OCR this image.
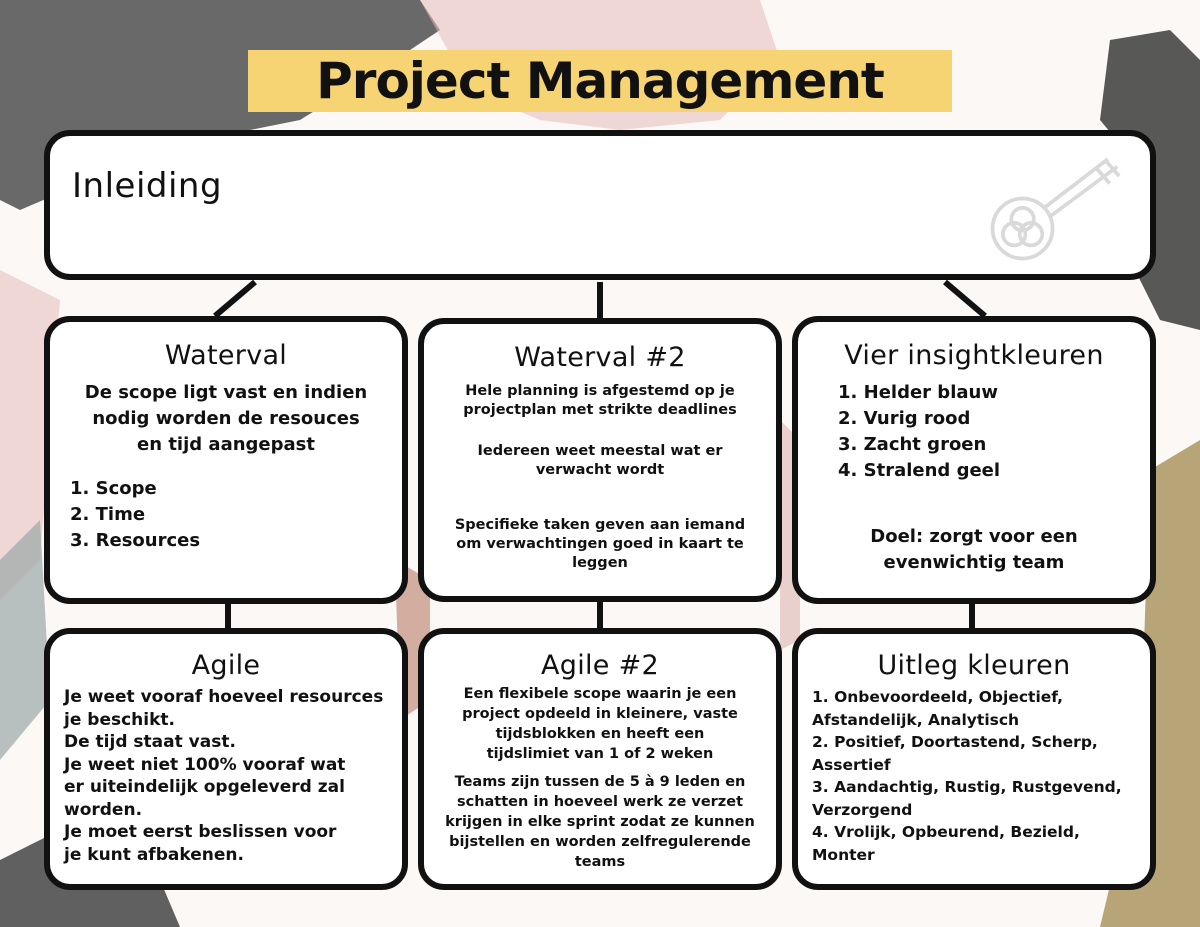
Project Management
Inleiding
Waterval
De scope ligt vast en indien
nodig worden de resouces
en tijd aangepast
1. Scope
2. Time
3. Resources
Waterval #2
Hele planning is afgestemd op je
projectplan met strikte deadlines
Iedereen weet meestal wat er
verwacht wordt
Specifieke taken geven aan iemand
om verwachtingen goed in kaart te
leggen
Vier insightkleuren
1. Helder blauw
2. Vurig rood
3. Zacht groen
4. Stralend geel
Doel: zorgt voor een
evenwichtig team
Agile
Je weet vooraf hoeveel resources
je beschikt.
De tijd staat vast.
Je weet niet 100% vooraf wat
er uiteindelijk opgeleverd zal
worden.
Je moet eerst beslissen voor
je kunt afbakenen.
Agile #2
Een flexibele scope waarin je een
project opdeeld in kleinere, vaste
tijdsblokken en heeft een
tijdslimiet van 1 of 2 weken
Teams zijn tussen de 5 à 9 leden en
schatten in hoeveel werk ze verzet
krijgen in elke sprint zodat ze kunnen
bijstellen en worden zelfregulerende
teams
Uitleg kleuren
1. Onbevoordeeld, Objectief,
Afstandelijk, Analytisch
2. Positief, Doortastend, Scherp,
Assertief
3. Aandachtig, Rustig, Rustgevend,
Verzorgend
4. Vrolijk, Opbeurend, Bezield,
Monter
